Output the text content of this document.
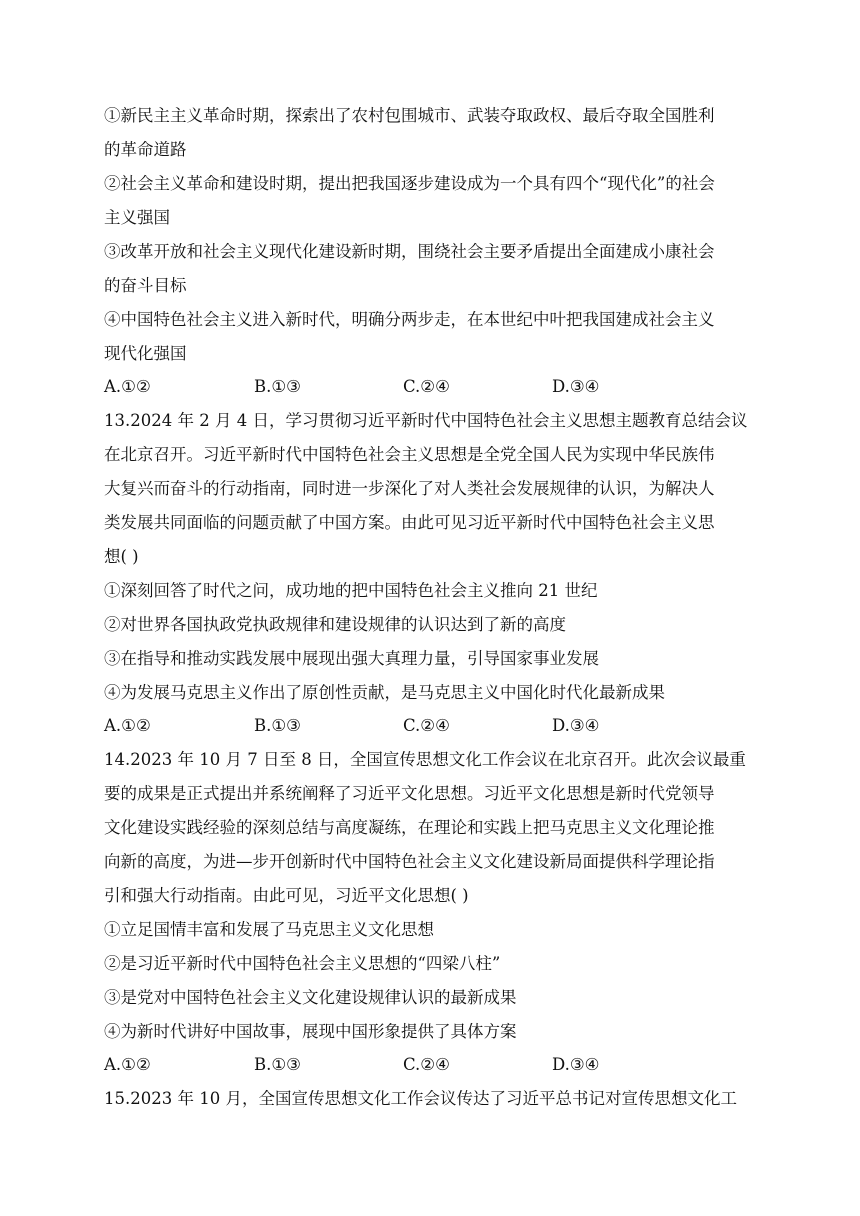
①新民主主义革命时期，探索出了农村包围城市、武装夺取政权、最后夺取全国胜利
的革命道路
②社会主义革命和建设时期，提出把我国逐步建设成为一个具有四个“现代化”的社会
主义强国
③改革开放和社会主义现代化建设新时期，围绕社会主要矛盾提出全面建成小康社会
的奋斗目标
④中国特色社会主义进入新时代，明确分两步走，在本世纪中叶把我国建成社会主义
现代化强国
A.①②	B.①③	C.②④	D.③④
13.2024 年 2 月 4 日，学习贯彻习近平新时代中国特色社会主义思想主题教育总结会议
在北京召开。习近平新时代中国特色社会主义思想是全党全国人民为实现中华民族伟
大复兴而奋斗的行动指南，同时进一步深化了对人类社会发展规律的认识，为解决人
类发展共同面临的问题贡献了中国方案。由此可见习近平新时代中国特色社会主义思
想( )
①深刻回答了时代之问，成功地的把中国特色社会主义推向 21 世纪
②对世界各国执政党执政规律和建设规律的认识达到了新的高度
③在指导和推动实践发展中展现出强大真理力量，引导国家事业发展
④为发展马克思主义作出了原创性贡献，是马克思主义中国化时代化最新成果
A.①②	B.①③	C.②④	D.③④
14.2023 年 10 月 7 日至 8 日，全国宣传思想文化工作会议在北京召开。此次会议最重
要的成果是正式提出并系统阐释了习近平文化思想。习近平文化思想是新时代党领导
文化建设实践经验的深刻总结与高度凝练，在理论和实践上把马克思主义文化理论推
向新的高度，为进—步开创新时代中国特色社会主义文化建设新局面提供科学理论指
引和强大行动指南。由此可见，习近平文化思想( )
①立足国情丰富和发展了马克思主义文化思想
②是习近平新时代中国特色社会主义思想的“四梁八柱”
③是党对中国特色社会主义文化建设规律认识的最新成果
④为新时代讲好中国故事，展现中国形象提供了具体方案
A.①②	B.①③	C.②④	D.③④
15.2023 年 10 月，全国宣传思想文化工作会议传达了习近平总书记对宣传思想文化工
